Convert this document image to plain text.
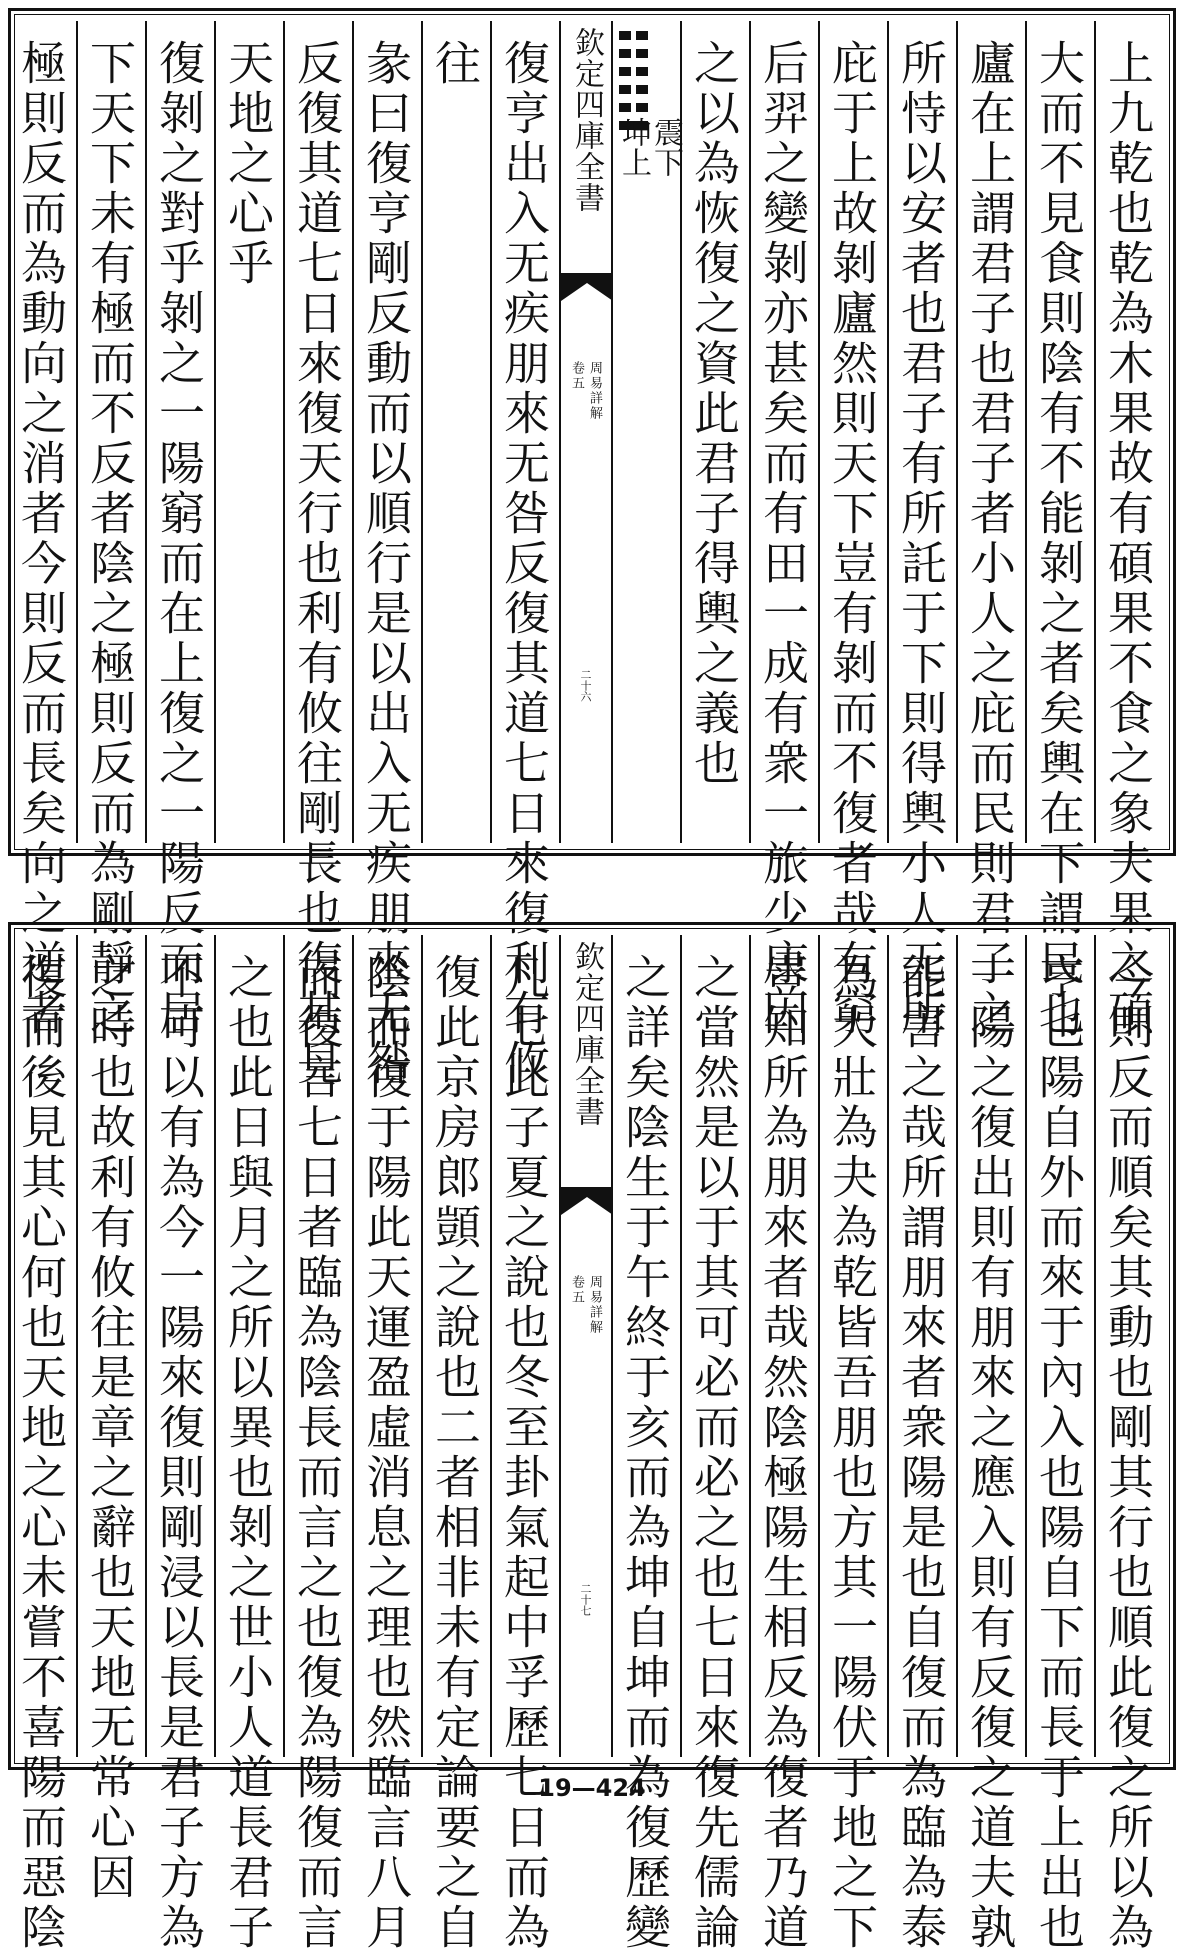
上九乾也乾為木果故有碩果不食之象夫果之碩
大而不見食則陰有不能剝之者矣輿在下謂民也
廬在上謂君子也君子者小人之庇而民則君子之
所恃以安者也君子有所託于下則得輿小人无所
庇于上故剝廬然則天下豈有剝而不復者哉有窮
后羿之變剝亦甚矣而有田一成有衆一旅少康因
之以為恢復之資此君子得輿之義也
震下
坤上
欽定四庫全書
周易詳解
卷五
二十六
復亨出入无疾朋來无咎反復其道七日來復利有攸
往
彖曰復亨剛反動而以順行是以出入无疾朋來无咎
反復其道七日來復天行也利有攸往剛長也復其見
天地之心乎
復剝之對乎剝之一陽窮而在上復之一陽反而居
下天下未有極而不反者陰之極則反而為剛靜之
極則反而為動向之消者今則反而長矣向之逆者
今則反而順矣其動也剛其行也順此復之所以為
亨也陽自外而來于內入也陽自下而長于上出也
一陽之復出則有朋來之應入則有反復之道夫孰
能害之哉所謂朋來者衆陽是也自復而為臨為泰
為大壯為夬為乾皆吾朋也方其一陽伏于地之下
豈知所為朋來者哉然陰極陽生相反為復者乃道
之當然是以于其可必而必之也七日來復先儒論
之詳矣陰生于午終于亥而為坤自坤而為復歷變
欽定四庫全書
周易詳解
卷五
二十七
凡七此子夏之說也冬至卦氣起中孚歷七日而為
復此京房郎顗之說也二者相非未有定論要之自
陰而復于陽此天運盈虛消息之理也然臨言八月
而復言七日者臨為陰長而言之也復為陽復而言
之也此日與月之所以異也剝之世小人道長君子
不可以有為今一陽來復則剛浸以長是君子方為
之時也故利有攸往是章之辭也天地无常心因
復而後見其心何也天地之心未嘗不喜陽而惡陰	19—424
